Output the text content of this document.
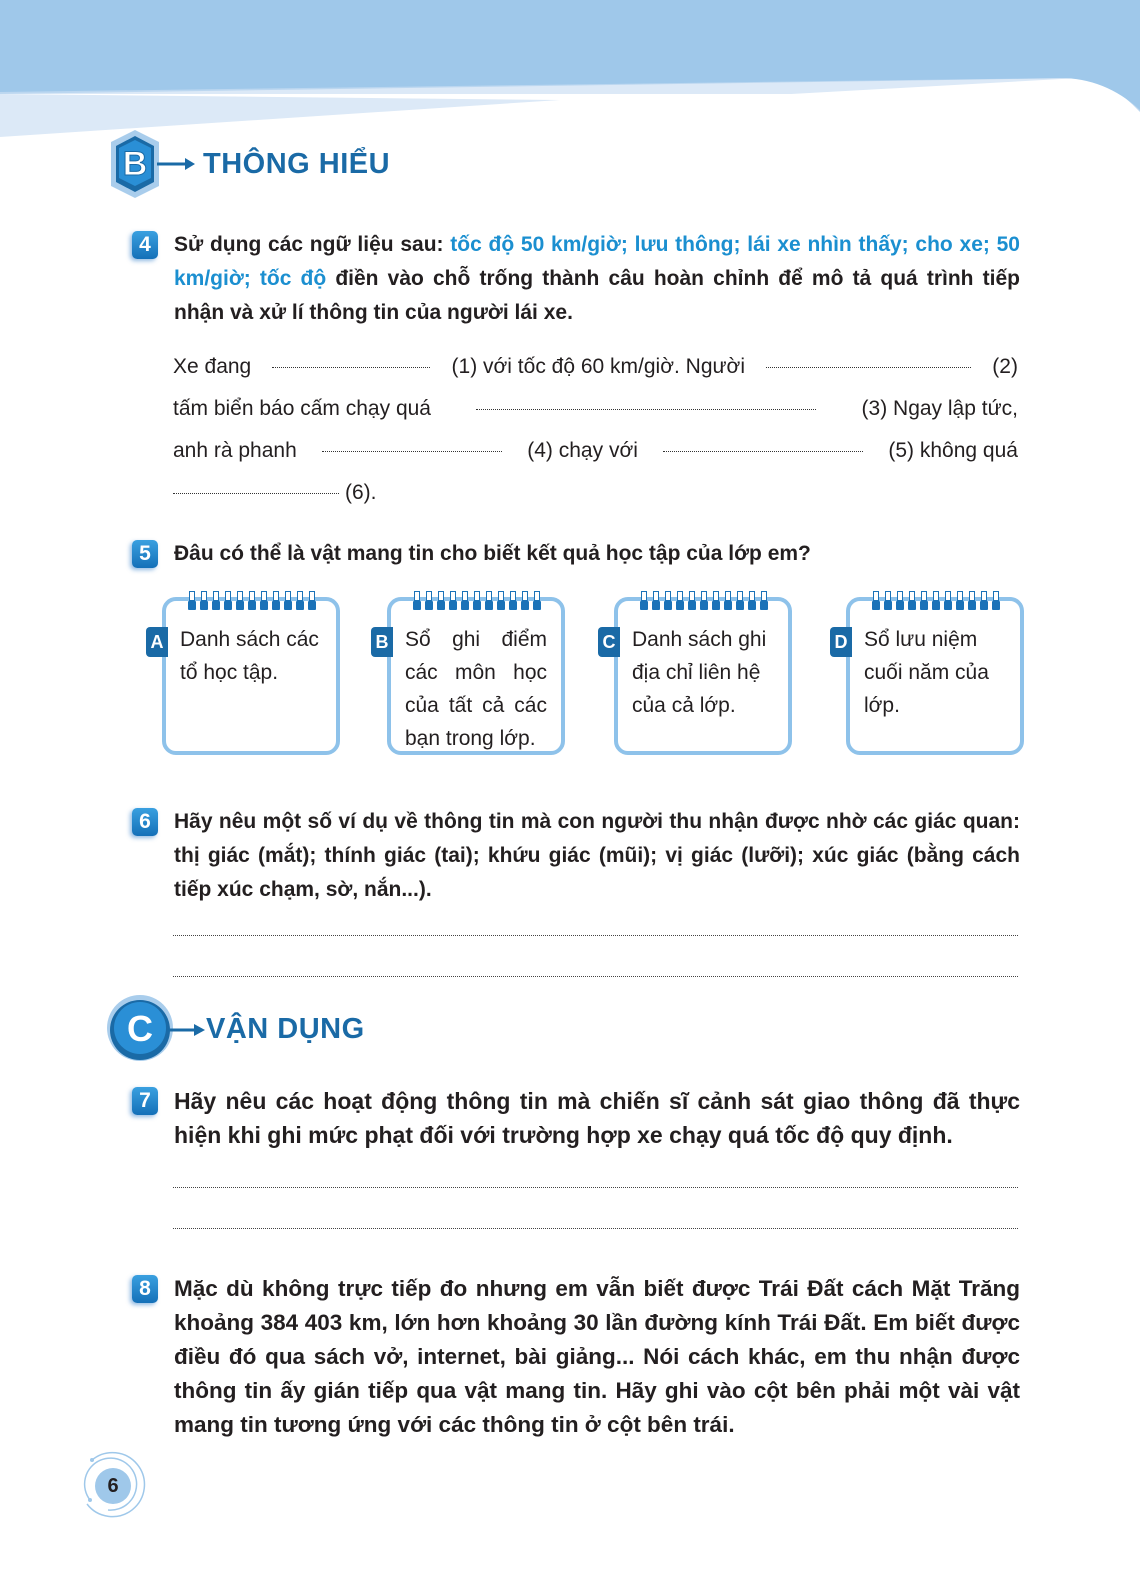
B THÔNG HIỂU
4	Sử dụng các ngữ liệu sau: tốc độ 50 km/giờ; lưu thông; lái xe nhìn thấy; cho xe; 50 km/giờ; tốc độ điền vào chỗ trống thành câu hoàn chỉnh để mô tả quá trình tiếp nhận và xử lí thông tin của người lái xe.
Xe đang	(1) với tốc độ 60 km/giờ. Người	(2)
tấm biển báo cấm chạy quá	(3) Ngay lập tức,
anh rà phanh	(4) chạy với	(5) không quá
(6).
5	Đâu có thể là vật mang tin cho biết kết quả học tập của lớp em?
A Danh sách các tổ học tập.
B Sổ ghi điểm các môn học của tất cả các bạn trong lớp.
C Danh sách ghi địa chỉ liên hệ của cả lớp.
D Sổ lưu niệm cuối năm của lớp.
6	Hãy nêu một số ví dụ về thông tin mà con người thu nhận được nhờ các giác quan: thị giác (mắt); thính giác (tai); khứu giác (mũi); vị giác (lưỡi); xúc giác (bằng cách tiếp xúc chạm, sờ, nắn...).
C VẬN DỤNG
7	Hãy nêu các hoạt động thông tin mà chiến sĩ cảnh sát giao thông đã thực hiện khi ghi mức phạt đối với trường hợp xe chạy quá tốc độ quy định.
8	Mặc dù không trực tiếp đo nhưng em vẫn biết được Trái Đất cách Mặt Trăng khoảng 384 403 km, lớn hơn khoảng 30 lần đường kính Trái Đất. Em biết được điều đó qua sách vở, internet, bài giảng... Nói cách khác, em thu nhận được thông tin ấy gián tiếp qua vật mang tin. Hãy ghi vào cột bên phải một vài vật mang tin tương ứng với các thông tin ở cột bên trái.
6
